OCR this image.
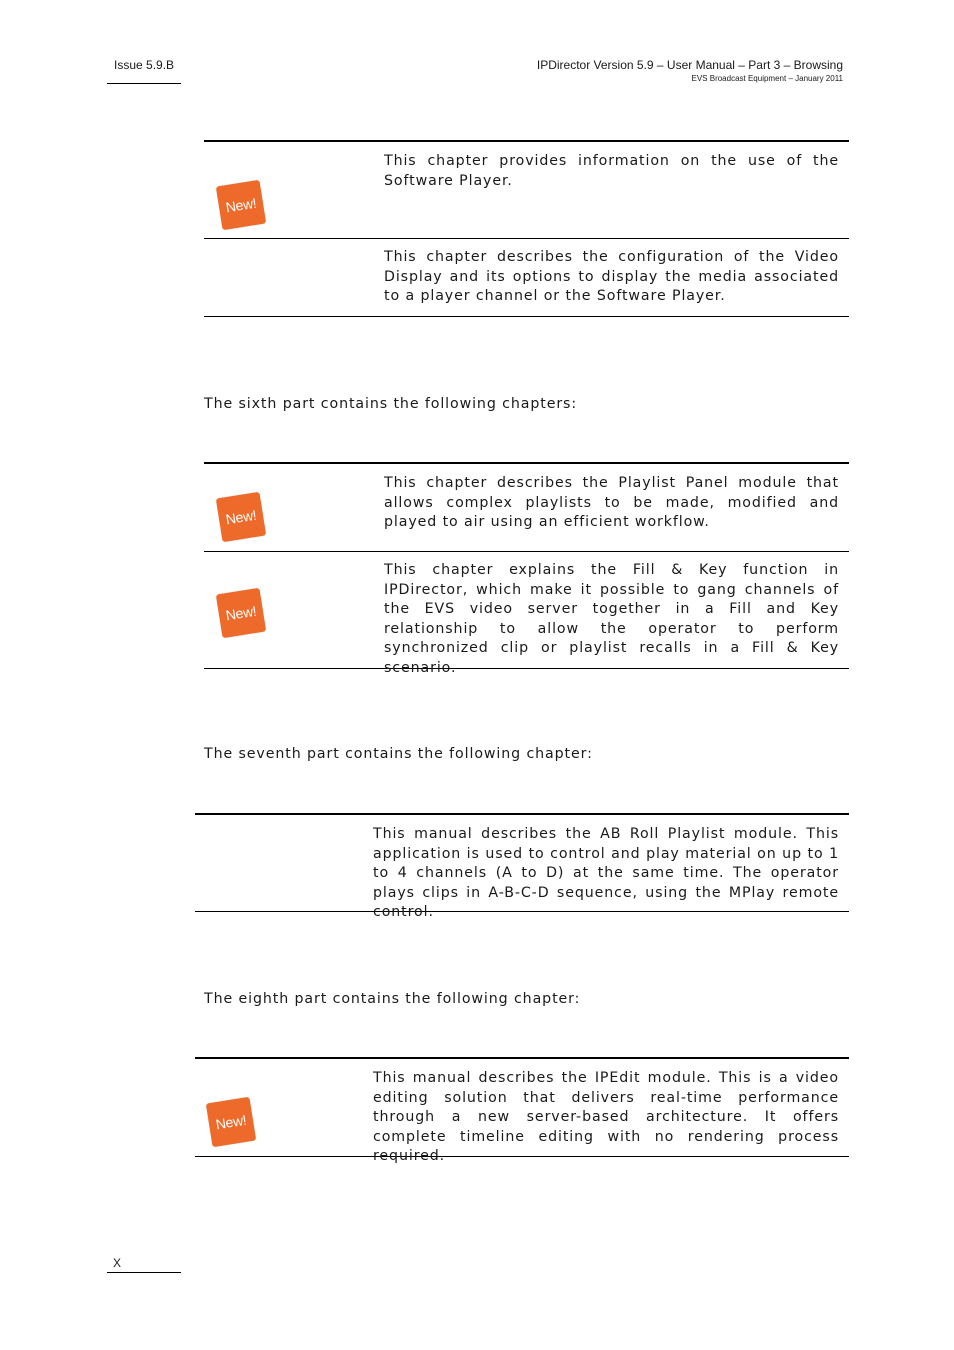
Issue 5.9.B	IPDirector Version 5.9 – User Manual – Part 3 – Browsing
EVS Broadcast Equipment – January 2011
New!
This chapter provides information on the use of the Software Player.
This chapter describes the configuration of the Video Display and its options to display the media associated to a player channel or the Software Player.
The sixth part contains the following chapters:
New!
This chapter describes the Playlist Panel module that allows complex playlists to be made, modified and played to air using an efficient workflow.
New!
This chapter explains the Fill & Key function in IPDirector, which make it possible to gang channels of the EVS video server together in a Fill and Key relationship to allow the operator to perform synchronized clip or playlist recalls in a Fill & Key scenario.
The seventh part contains the following chapter:
This manual describes the AB Roll Playlist module. This application is used to control and play material on up to 1 to 4 channels (A to D) at the same time. The operator plays clips in A-B-C-D sequence, using the MPlay remote control.
The eighth part contains the following chapter:
New!
This manual describes the IPEdit module. This is a video editing solution that delivers real-time performance through a new server-based architecture. It offers complete timeline editing with no rendering process required.
X
